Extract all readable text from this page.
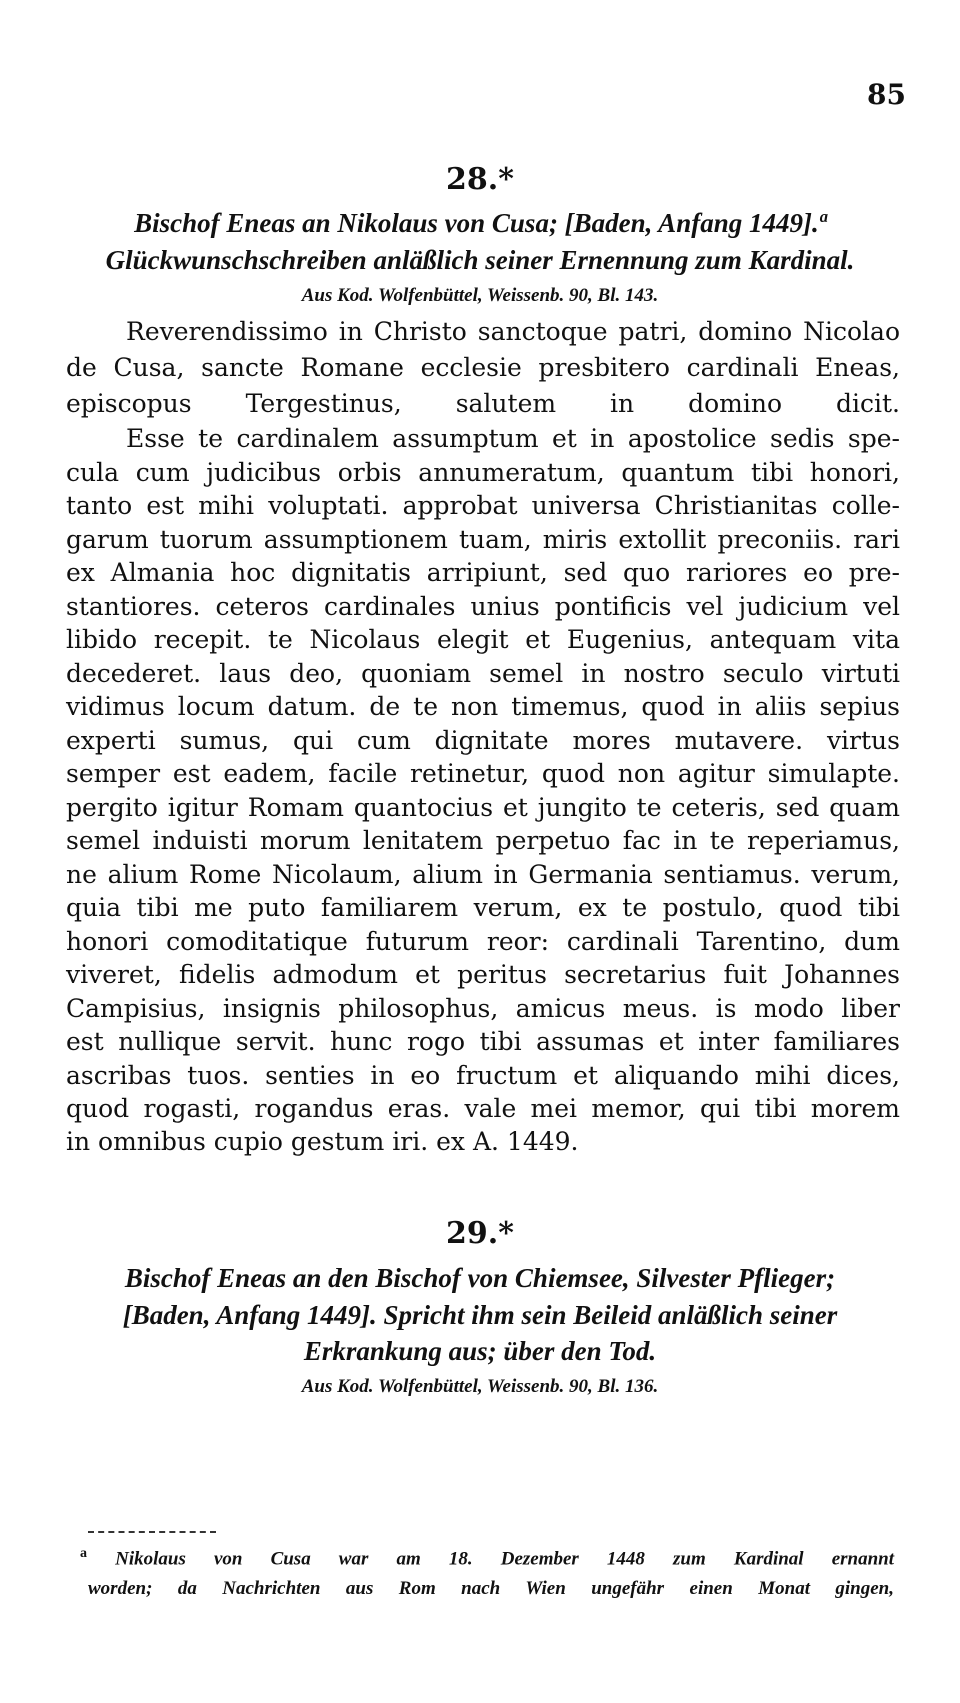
85
28.*
Bischof Eneas an Nikolaus von Cusa; [Baden, Anfang 1449].ª
Glückwunschschreiben anläßlich seiner Ernennung zum Kardinal.
Aus Kod. Wolfenbüttel, Weissenb. 90, Bl. 143.
Reverendissimo in Christo sanctoque patri, domino Nicolao
de Cusa, sancte Romane ecclesie presbitero cardinali Eneas,
episcopus Tergestinus, salutem in domino dicit.
Esse te cardinalem assumptum et in apostolice sedis spe-
cula cum judicibus orbis annumeratum, quantum tibi honori,
tanto est mihi voluptati. approbat universa Christianitas colle-
garum tuorum assumptionem tuam, miris extollit preconiis. rari
ex Almania hoc dignitatis arripiunt, sed quo rariores eo pre-
stantiores. ceteros cardinales unius pontificis vel judicium vel
libido recepit. te Nicolaus elegit et Eugenius, antequam vita
decederet. laus deo, quoniam semel in nostro seculo virtuti
vidimus locum datum. de te non timemus, quod in aliis sepius
experti sumus, qui cum dignitate mores mutavere. virtus
semper est eadem, facile retinetur, quod non agitur simulapte.
pergito igitur Romam quantocius et jungito te ceteris, sed quam
semel induisti morum lenitatem perpetuo fac in te reperiamus,
ne alium Rome Nicolaum, alium in Germania sentiamus. verum,
quia tibi me puto familiarem verum, ex te postulo, quod tibi
honori comoditatique futurum reor: cardinali Tarentino, dum
viveret, fidelis admodum et peritus secretarius fuit Johannes
Campisius, insignis philosophus, amicus meus. is modo liber
est nullique servit. hunc rogo tibi assumas et inter familiares
ascribas tuos. senties in eo fructum et aliquando mihi dices,
quod rogasti, rogandus eras. vale mei memor, qui tibi morem
in omnibus cupio gestum iri. ex A. 1449.
29.*
Bischof Eneas an den Bischof von Chiemsee, Silvester Pflieger;
[Baden, Anfang 1449]. Spricht ihm sein Beileid anläßlich seiner
Erkrankung aus; über den Tod.
Aus Kod. Wolfenbüttel, Weissenb. 90, Bl. 136.
$^a$ Nikolaus von Cusa war am 18. Dezember 1448 zum Kardinal ernannt
worden; da Nachrichten aus Rom nach Wien ungefähr einen Monat gingen,
